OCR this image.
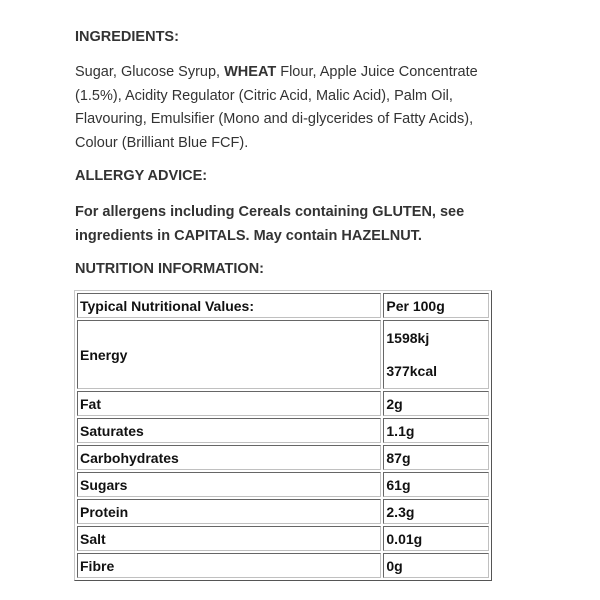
INGREDIENTS:
Sugar, Glucose Syrup, WHEAT Flour, Apple Juice Concentrate (1.5%), Acidity Regulator (Citric Acid, Malic Acid), Palm Oil, Flavouring, Emulsifier (Mono and di-glycerides of Fatty Acids), Colour (Brilliant Blue FCF).
ALLERGY ADVICE:
For allergens including Cereals containing GLUTEN, see ingredients in CAPITALS. May contain HAZELNUT.
NUTRITION INFORMATION:
Typical Nutritional Values:	Per 100g
Energy	1598kj
377kcal

Fat	2g
Saturates	1.1g
Carbohydrates	87g
Sugars	61g
Protein	2.3g
Salt	0.01g
Fibre	0g
